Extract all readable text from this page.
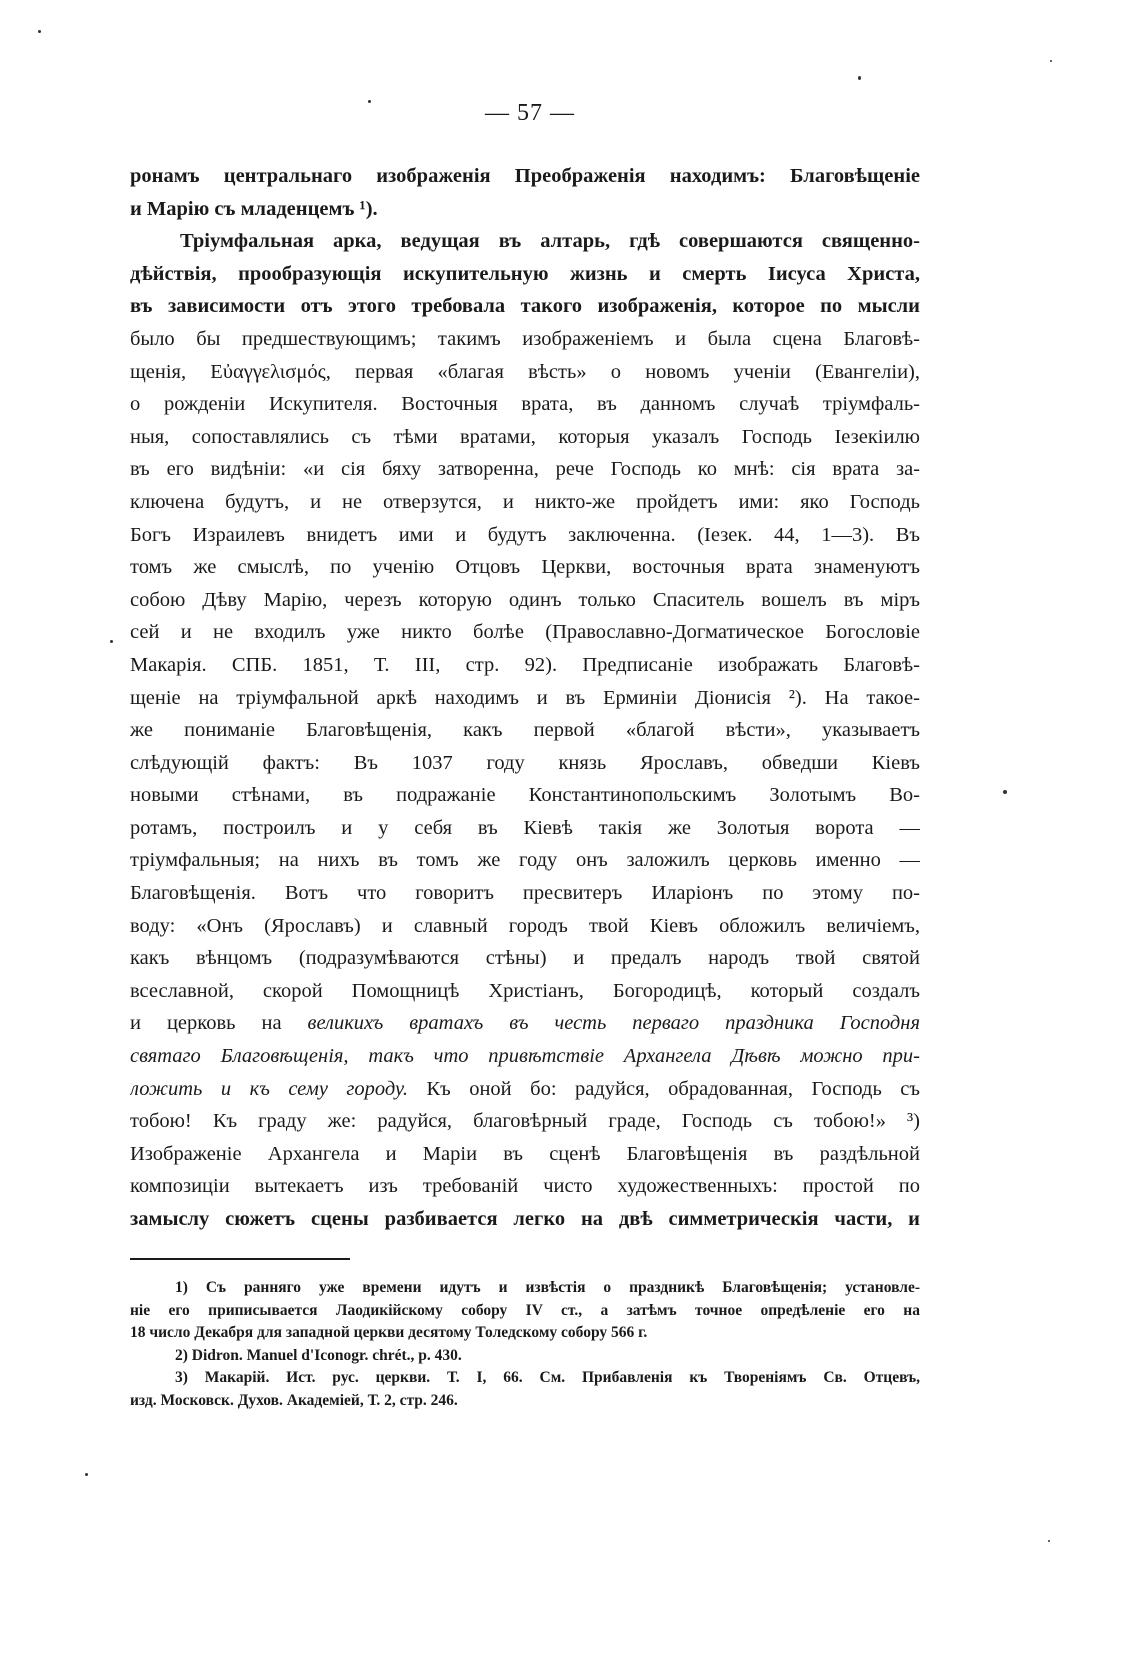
— 57 —
ронамъ центральнаго изображенія Преображенія находимъ: Благовѣщеніе
и Марію съ младенцемъ ¹).
Тріумфальная арка, ведущая въ алтарь, гдѣ совершаются священно-
дѣйствія, прообразующія искупительную жизнь и смерть Іисуса Христа,
въ зависимости отъ этого требовала такого изображенія, которое по мысли
было бы предшествующимъ; такимъ изображеніемъ и была сцена Благовѣ-
щенія, Εὐαγγελισμός, первая «благая вѣсть» о новомъ ученіи (Евангеліи),
о рожденіи Искупителя. Восточныя врата, въ данномъ случаѣ тріумфаль-
ныя, сопоставлялись съ тѣми вратами, которыя указалъ Господь Іезекіилю
въ его видѣніи: «и сія бяху затворенна, рече Господь ко мнѣ: сія врата за-
ключена будутъ, и не отверзутся, и никто-же пройдетъ ими: яко Господь
Богъ Израилевъ внидетъ ими и будутъ заключенна. (Іезек. 44, 1—3). Въ
томъ же смыслѣ, по ученію Отцовъ Церкви, восточныя врата знаменуютъ
собою Дѣву Марію, черезъ которую одинъ только Спаситель вошелъ въ міръ
сей и не входилъ уже никто болѣе (Православно-Догматическое Богословіе
Макарія. СПБ. 1851, Т. III, стр. 92). Предписаніе изображать Благовѣ-
щеніе на тріумфальной аркѣ находимъ и въ Ерминіи Діонисія ²). На такое-
же пониманіе Благовѣщенія, какъ первой «благой вѣсти», указываетъ
слѣдующій фактъ: Въ 1037 году князь Ярославъ, обведши Кіевъ
новыми стѣнами, въ подражаніе Константинопольскимъ Золотымъ Во-
ротамъ, построилъ и у себя въ Кіевѣ такія же Золотыя ворота —
тріумфальныя; на нихъ въ томъ же году онъ заложилъ церковь именно —
Благовѣщенія. Вотъ что говоритъ пресвитеръ Иларіонъ по этому по-
воду: «Онъ (Ярославъ) и славный городъ твой Кіевъ обложилъ величіемъ,
какъ вѣнцомъ (подразумѣваются стѣны) и предалъ народъ твой святой
всеславной, скорой Помощницѣ Христіанъ, Богородицѣ, который создалъ
и церковь на великихъ вратахъ въ честь перваго праздника Господня
святаго Благовѣщенія, такъ что привѣтствіе Архангела Дѣвѣ можно при-
ложить и къ сему городу. Къ оной бо: радуйся, обрадованная, Господь съ
тобою! Къ граду же: радуйся, благовѣрный граде, Господь съ тобою!» ³)
Изображеніе Архангела и Маріи въ сценѣ Благовѣщенія въ раздѣльной
композиціи вытекаетъ изъ требованій чисто художественныхъ: простой по
замыслу сюжетъ сцены разбивается легко на двѣ симметрическія части, и
1) Съ ранняго уже времени идутъ и извѣстія о праздникѣ Благовѣщенія; установле-
ніе его приписывается Лаодикійскому собору IV ст., а затѣмъ точное опредѣленіе его на
18 число Декабря для западной церкви десятому Толедскому собору 566 г.
2) Didron. Manuel d'Iconogr. chrét., p. 430.
3) Макарій. Ист. рус. церкви. Т. I, 66. См. Прибавленія къ Твореніямъ Св. Отцевъ,
изд. Московск. Духов. Академіей, Т. 2, стр. 246.
